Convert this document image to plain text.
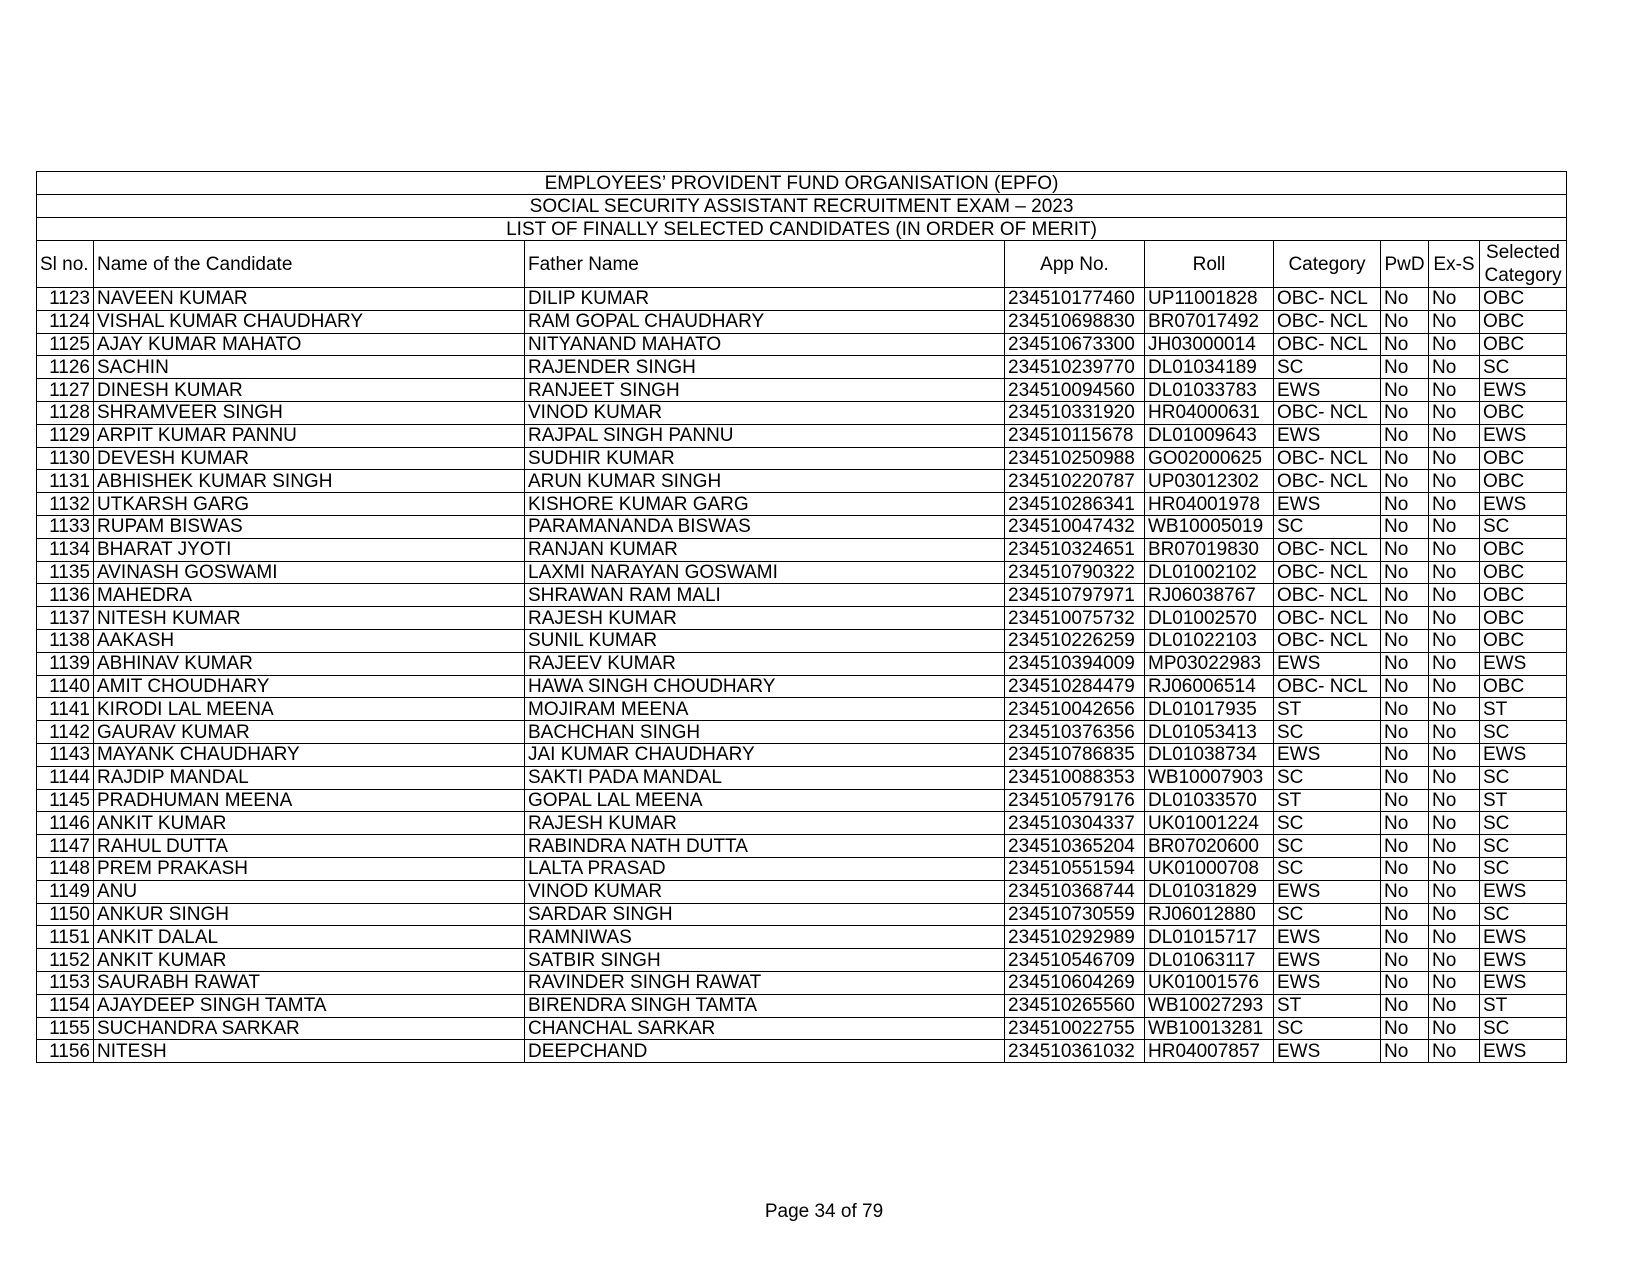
EMPLOYEES’ PROVIDENT FUND ORGANISATION (EPFO)								
SOCIAL SECURITY ASSISTANT RECRUITMENT EXAM – 2023								
LIST OF FINALLY SELECTED CANDIDATES (IN ORDER OF MERIT)								
Sl no.	Name of the Candidate	Father Name	App No.	Roll	Category	PwD	Ex-S	Selected Category
1123	NAVEEN KUMAR	DILIP KUMAR	234510177460	UP11001828	OBC- NCL	No	No	OBC
1124	VISHAL KUMAR CHAUDHARY	RAM GOPAL CHAUDHARY	234510698830	BR07017492	OBC- NCL	No	No	OBC
1125	AJAY KUMAR MAHATO	NITYANAND MAHATO	234510673300	JH03000014	OBC- NCL	No	No	OBC
1126	SACHIN	RAJENDER SINGH	234510239770	DL01034189	SC	No	No	SC
1127	DINESH KUMAR	RANJEET SINGH	234510094560	DL01033783	EWS	No	No	EWS
1128	SHRAMVEER SINGH	VINOD KUMAR	234510331920	HR04000631	OBC- NCL	No	No	OBC
1129	ARPIT KUMAR PANNU	RAJPAL SINGH PANNU	234510115678	DL01009643	EWS	No	No	EWS
1130	DEVESH KUMAR	SUDHIR KUMAR	234510250988	GO02000625	OBC- NCL	No	No	OBC
1131	ABHISHEK KUMAR SINGH	ARUN KUMAR SINGH	234510220787	UP03012302	OBC- NCL	No	No	OBC
1132	UTKARSH GARG	KISHORE KUMAR GARG	234510286341	HR04001978	EWS	No	No	EWS
1133	RUPAM BISWAS	PARAMANANDA BISWAS	234510047432	WB10005019	SC	No	No	SC
1134	BHARAT JYOTI	RANJAN KUMAR	234510324651	BR07019830	OBC- NCL	No	No	OBC
1135	AVINASH GOSWAMI	LAXMI NARAYAN GOSWAMI	234510790322	DL01002102	OBC- NCL	No	No	OBC
1136	MAHEDRA	SHRAWAN RAM MALI	234510797971	RJ06038767	OBC- NCL	No	No	OBC
1137	NITESH KUMAR	RAJESH KUMAR	234510075732	DL01002570	OBC- NCL	No	No	OBC
1138	AAKASH	SUNIL KUMAR	234510226259	DL01022103	OBC- NCL	No	No	OBC
1139	ABHINAV KUMAR	RAJEEV KUMAR	234510394009	MP03022983	EWS	No	No	EWS
1140	AMIT CHOUDHARY	HAWA SINGH CHOUDHARY	234510284479	RJ06006514	OBC- NCL	No	No	OBC
1141	KIRODI LAL MEENA	MOJIRAM MEENA	234510042656	DL01017935	ST	No	No	ST
1142	GAURAV KUMAR	BACHCHAN SINGH	234510376356	DL01053413	SC	No	No	SC
1143	MAYANK CHAUDHARY	JAI KUMAR CHAUDHARY	234510786835	DL01038734	EWS	No	No	EWS
1144	RAJDIP MANDAL	SAKTI PADA MANDAL	234510088353	WB10007903	SC	No	No	SC
1145	PRADHUMAN MEENA	GOPAL LAL MEENA	234510579176	DL01033570	ST	No	No	ST
1146	ANKIT KUMAR	RAJESH KUMAR	234510304337	UK01001224	SC	No	No	SC
1147	RAHUL DUTTA	RABINDRA NATH DUTTA	234510365204	BR07020600	SC	No	No	SC
1148	PREM PRAKASH	LALTA PRASAD	234510551594	UK01000708	SC	No	No	SC
1149	ANU	VINOD KUMAR	234510368744	DL01031829	EWS	No	No	EWS
1150	ANKUR SINGH	SARDAR SINGH	234510730559	RJ06012880	SC	No	No	SC
1151	ANKIT DALAL	RAMNIWAS	234510292989	DL01015717	EWS	No	No	EWS
1152	ANKIT KUMAR	SATBIR SINGH	234510546709	DL01063117	EWS	No	No	EWS
1153	SAURABH RAWAT	RAVINDER SINGH RAWAT	234510604269	UK01001576	EWS	No	No	EWS
1154	AJAYDEEP SINGH TAMTA	BIRENDRA SINGH TAMTA	234510265560	WB10027293	ST	No	No	ST
1155	SUCHANDRA SARKAR	CHANCHAL SARKAR	234510022755	WB10013281	SC	No	No	SC
1156	NITESH	DEEPCHAND	234510361032	HR04007857	EWS	No	No	EWS
Page 34 of 79
